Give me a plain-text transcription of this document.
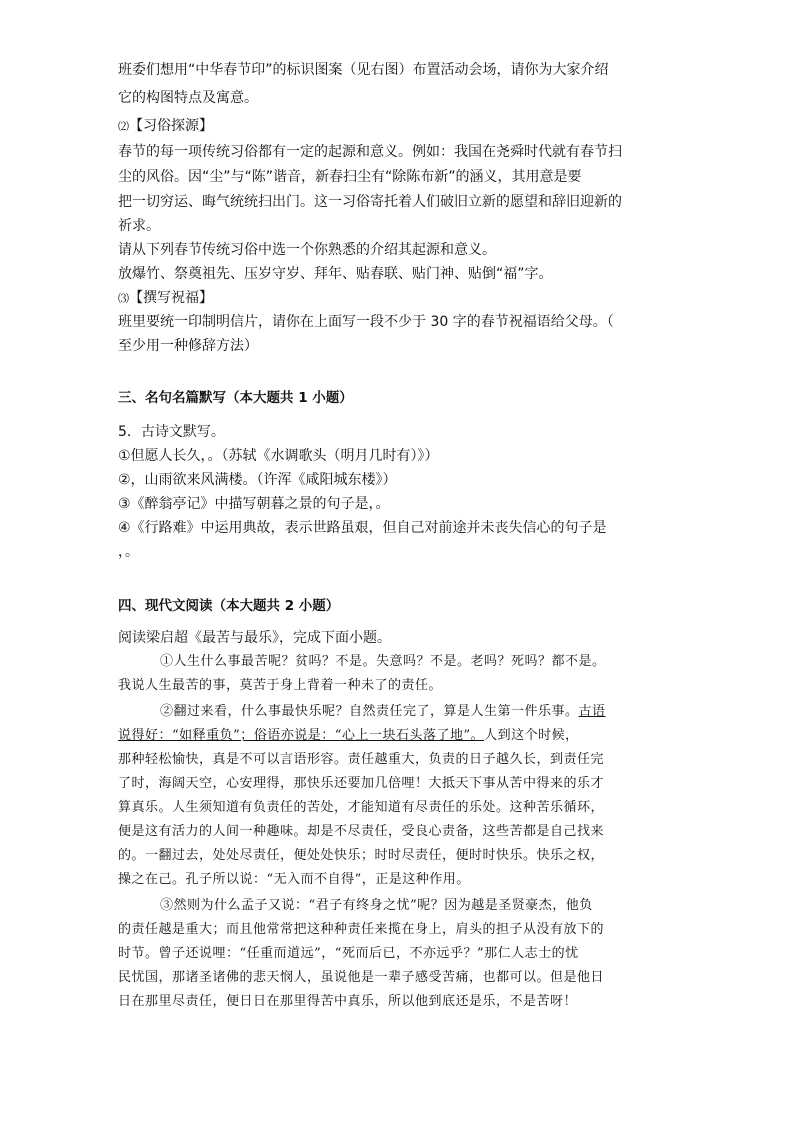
班委们想用“中华春节印”的标识图案（见右图）布置活动会场，请你为大家介绍
它的构图特点及寓意。
⑵【习俗探源】
春节的每一项传统习俗都有一定的起源和意义。例如：我国在尧舜时代就有春节扫
尘的风俗。因“尘”与“陈”谐音，新春扫尘有“除陈布新”的涵义，其用意是要
把一切穷运、晦气统统扫出门。这一习俗寄托着人们破旧立新的愿望和辞旧迎新的
祈求。
请从下列春节传统习俗中选一个你熟悉的介绍其起源和意义。
放爆竹、祭奠祖先、压岁守岁、拜年、贴春联、贴门神、贴倒“福”字。
⑶【撰写祝福】
班里要统一印制明信片，请你在上面写一段不少于 30 字的春节祝福语给父母。（
至少用一种修辞方法）
三、名句名篇默写（本大题共 1 小题）
5．古诗文默写。
①但愿人长久，。（苏轼《水调歌头（明月几时有）》）
②，山雨欲来风满楼。（许浑《咸阳城东楼》）
③《醉翁亭记》中描写朝暮之景的句子是，。
④《行路难》中运用典故，表示世路虽艰，但自己对前途并未丧失信心的句子是
，。
四、现代文阅读（本大题共 2 小题）
阅读梁启超《最苦与最乐》，完成下面小题。
①人生什么事最苦呢？贫吗？不是。失意吗？不是。老吗？死吗？都不是。
我说人生最苦的事，莫苦于身上背着一种未了的责任。
②翻过来看，什么事最快乐呢？自然责任完了，算是人生第一件乐事。古语
说得好：“如释重负”；俗语亦说是：“心上一块石头落了地”。人到这个时候，
那种轻松愉快，真是不可以言语形容。责任越重大，负责的日子越久长，到责任完
了时，海阔天空，心安理得，那快乐还要加几倍哩！大抵天下事从苦中得来的乐才
算真乐。人生须知道有负责任的苦处，才能知道有尽责任的乐处。这种苦乐循环，
便是这有活力的人间一种趣味。却是不尽责任，受良心责备，这些苦都是自己找来
的。一翻过去，处处尽责任，便处处快乐；时时尽责任，便时时快乐。快乐之权，
操之在己。孔子所以说：“无入而不自得”，正是这种作用。
③然则为什么孟子又说：“君子有终身之忧”呢？因为越是圣贤豪杰，他负
的责任越是重大；而且他常常把这种种责任来揽在身上，肩头的担子从没有放下的
时节。曾子还说哩：“任重而道远”，“死而后已，不亦远乎？”那仁人志士的忧
民忧国，那诸圣诸佛的悲天悯人，虽说他是一辈子感受苦痛，也都可以。但是他日
日在那里尽责任，便日日在那里得苦中真乐，所以他到底还是乐，不是苦呀！
